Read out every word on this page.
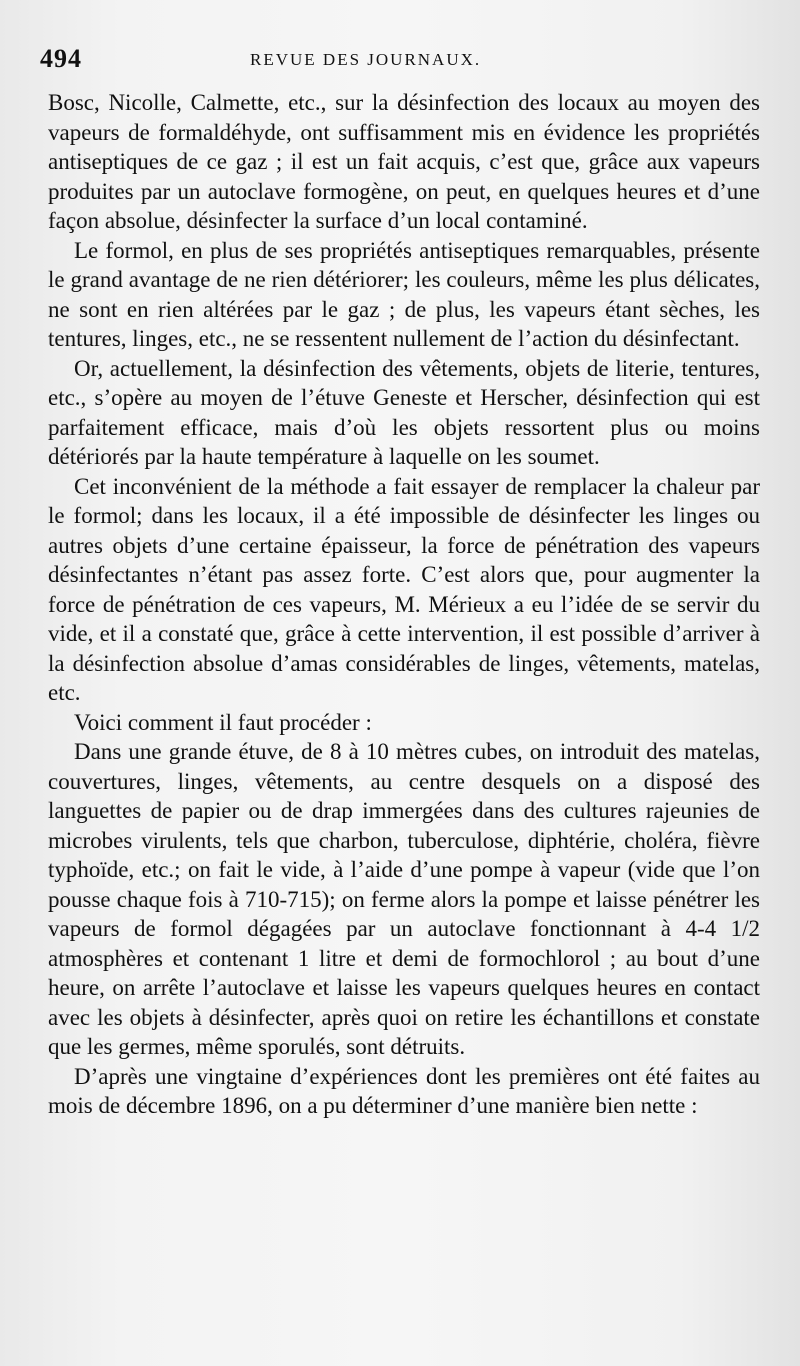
494	REVUE DES JOURNAUX.

Bosc, Nicolle, Calmette, etc., sur la désinfection des locaux au moyen des vapeurs de formaldéhyde, ont suffisamment mis en évidence les propriétés antiseptiques de ce gaz ; il est un fait acquis, c’est que, grâce aux vapeurs produites par un autoclave formogène, on peut, en quelques heures et d’une façon absolue, désinfecter la surface d’un local contaminé.

Le formol, en plus de ses propriétés antiseptiques remarquables, présente le grand avantage de ne rien détériorer; les couleurs, même les plus délicates, ne sont en rien altérées par le gaz ; de plus, les vapeurs étant sèches, les tentures, linges, etc., ne se ressentent nullement de l’action du désinfectant.

Or, actuellement, la désinfection des vêtements, objets de literie, tentures, etc., s’opère au moyen de l’étuve Geneste et Herscher, désinfection qui est parfaitement efficace, mais d’où les objets ressortent plus ou moins détériorés par la haute température à laquelle on les soumet.

Cet inconvénient de la méthode a fait essayer de remplacer la chaleur par le formol; dans les locaux, il a été impossible de désinfecter les linges ou autres objets d’une certaine épaisseur, la force de pénétration des vapeurs désinfectantes n’étant pas assez forte. C’est alors que, pour augmenter la force de pénétration de ces vapeurs, M. Mérieux a eu l’idée de se servir du vide, et il a constaté que, grâce à cette intervention, il est possible d’arriver à la désinfection absolue d’amas considérables de linges, vêtements, matelas, etc.

Voici comment il faut procéder :

Dans une grande étuve, de 8 à 10 mètres cubes, on introduit des matelas, couvertures, linges, vêtements, au centre desquels on a disposé des languettes de papier ou de drap immergées dans des cultures rajeunies de microbes virulents, tels que charbon, tuberculose, diphtérie, choléra, fièvre typhoïde, etc.; on fait le vide, à l’aide d’une pompe à vapeur (vide que l’on pousse chaque fois à 710-715); on ferme alors la pompe et laisse pénétrer les vapeurs de formol dégagées par un autoclave fonctionnant à 4-4 1/2 atmosphères et contenant 1 litre et demi de formochlorol ; au bout d’une heure, on arrête l’autoclave et laisse les vapeurs quelques heures en contact avec les objets à désinfecter, après quoi on retire les échantillons et constate que les germes, même sporulés, sont détruits.

D’après une vingtaine d’expériences dont les premières ont été faites au mois de décembre 1896, on a pu déterminer d’une manière bien nette :
